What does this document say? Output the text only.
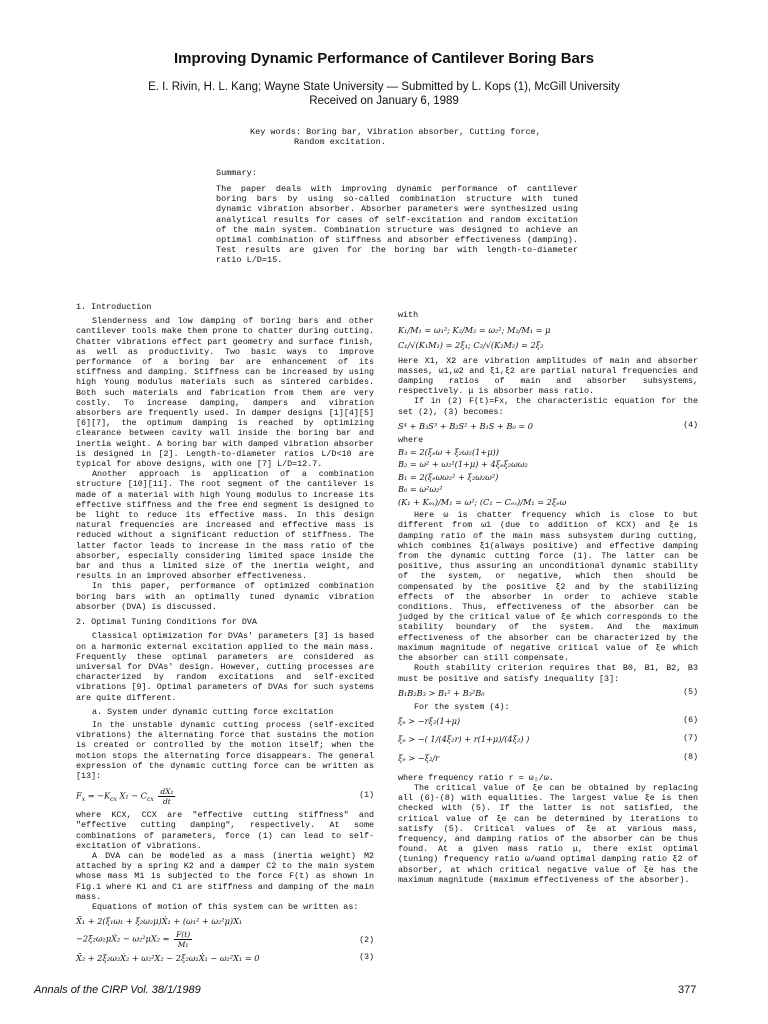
Improving Dynamic Performance of Cantilever Boring Bars
E. I. Rivin, H. L. Kang; Wayne State University — Submitted by L. Kops (1), McGill University
Received on January 6, 1989
Key words: Boring bar, Vibration absorber, Cutting force,
Random excitation.
Summary:
The paper deals with improving dynamic performance of cantilever boring bars by using so-called combination structure with tuned dynamic vibration absorber. Absorber parameters were synthesized using analytical results for cases of self-excitation and random excitation of the main system. Combination structure was designed to achieve an optimal combination of stiffness and absorber effectiveness (damping). Test results are given for the boring bar with length-to-diameter ratio L/D=15.

1. Introduction

Slenderness and low damping of boring bars and other cantilever tools make them prone to chatter during cutting. Chatter vibrations effect part geometry and surface finish, as well as productivity. Two basic ways to improve performance of a boring bar are enhancement of its stiffness and damping. Stiffness can be increased by using high Young modulus materials such as sintered carbides. Both such materials and fabrication from them are very costly. To increase damping, dampers and vibration absorbers are frequently used. In damper designs [1][4][5][6][7], the optimum damping is reached by optimizing clearance between cavity wall inside the boring bar and inertia weight. A boring bar with damped vibration absorber is designed in [2]. Length-to-diameter ratios L/D<10 are typical for above designs, with one [7] L/D=12.7.

Another approach is application of a combination structure [10][11]. The root segment of the cantilever is made of a material with high Young modulus to increase its effective stiffness and the free end segment is designed to be light to reduce its effective mass. In this design natural frequencies are increased and effective mass is reduced without a significant reduction of stiffness. The latter factor leads to increase in the mass ratio of the absorber, especially considering limited space inside the bar and thus a limited size of the inertia weight, and results in an improved absorber effectiveness.

In this paper, performance of optimized combination boring bars with an optimally tuned dynamic vibration absorber (DVA) is discussed.

2. Optimal Tuning Conditions for DVA

Classical optimization for DVAs' parameters [3] is based on a harmonic external excitation applied to the main mass. Frequently these optimal parameters are considered as universal for DVAs' design. However, cutting processes are characterized by random excitations and self-excited vibrations [9]. Optimal parameters of DVAs for such systems are quite different.

a. System under dynamic cutting force excitation

In the unstable dynamic cutting process (self-excited vibrations) the alternating force that sustains the motion is created or controlled by the motion itself; when the motion stops the alternating force disappears. The general expression of the dynamic cutting force can be written as [13]:

$F_x = -K_{cx}$ $X_1 - C_{cx} \frac{\text{dX₁}}{dt}$	(1)

where KCX, CCX are "effective cutting stiffness" and "effective cutting damping", respectively. At some combinations of parameters, force (1) can lead to self-excitation of vibrations.

A DVA can be modeled as a mass (inertia weight) M2 attached by a spring K2 and a damper C2 to the main system whose mass M1 is subjected to the force F(t) as shown in Fig.1 where K1 and C1 are stiffness and damping of the main mass.

Equations of motion of this system can be written as:

Ẍ₁ + 2(ξ₁ω₁ + ξ₂ω₂μ)Ẋ₁ + (ω₁² + ω₂²μ)X₁
−2ξ₂ω₂μẊ₂ − $\omega_2^2\mu X_2 = \frac{F(t)}{\text{M₁}}$	(2)
Ẍ₂ + 2ξ₂ω₂Ẋ₂ + ω₂²X₂ − 2ξ₂ω₂Ẋ₁ − ω₂²X₁ = 0	(3)

with

K₁/M₁ = ω₁²; K₂/M₂ = ω₂²; M₂/M₁ = μ
C₁/√(K₁M₁) = 2ξ₁; C₂/√(K₂M₂) = 2ξ₂

Here X1, X2 are vibration amplitudes of main and absorber masses, ω1,ω2 and ξ1,ξ2 are partial natural frequencies and damping ratios of main and absorber subsystems, respectively. μ is absorber mass ratio.

If in (2) F(t)=Fx, the characteristic equation for the set (2), (3) becomes:

S⁴ + B₃S³ + B₂S² + B₁S + B₀ = 0	(4)

where

B₃ = 2(ξₑω + ξ₂ω₂(1+μ))
B₂ = ω² + ω₂²(1+μ) + 4ξₑξ₂ωω₂
B₁ = 2(ξₑωω₂² + ξ₂ω₂ω²)
B₀ = ω²ω₂²
(K₁ + Kₑₓ)/M₁ = ω²; (C₁ − Cₑₓ)/M₁ = 2ξₑω

Here ω is chatter frequency which is close to but different from ω1 (due to addition of KCX) and ξe is damping ratio of the main mass subsystem during cutting, which combines ξ1(always positive) and effective damping from the dynamic cutting force (1). The latter can be positive, thus assuring an unconditional dynamic stability of the system, or negative, which then should be compensated by the positive ξ2 and by the stabilizing effects of the absorber in order to achieve stable conditions. Thus, effectiveness of the absorber can be judged by the critical value of ξe which corresponds to the stability boundary of the system. And the maximum effectiveness of the absorber can be characterized by the maximum magnitude of negative critical value of ξe which the absorber can still compensate.

Routh stability criterion requires that B0, B1, B2, B3 must be positive and satisfy inequality [3]:

B₁B₂B₃ > B₁² + B₃²B₀	(5)

For the system (4):

ξₑ > −rξ₂(1+μ)	(6)
ξₑ > −( 1/(4ξ₂r) + r(1+μ)/(4ξ₂) )	(7)
ξₑ > −ξ₂/r	(8)

where frequency ratio r = ω₂/ω.

The critical value of ξe can be obtained by replacing all (6)-(8) with equalities. The largest value ξe is then checked with (5). If the latter is not satisfied, the critical value of ξe can be determined by iterations to satisfy (5). Critical values of ξe at various mass, frequency, and damping ratios of the absorber can be thus found. At a given mass ratio μ, there exist optimal (tuning) frequency ratio ω/ωand optimal damping ratio ξ2 of absorber, at which critical negative value of ξe has the maximum magnitude (maximum effectiveness of the absorber).

Annals of the CIRP Vol. 38/1/1989	377
